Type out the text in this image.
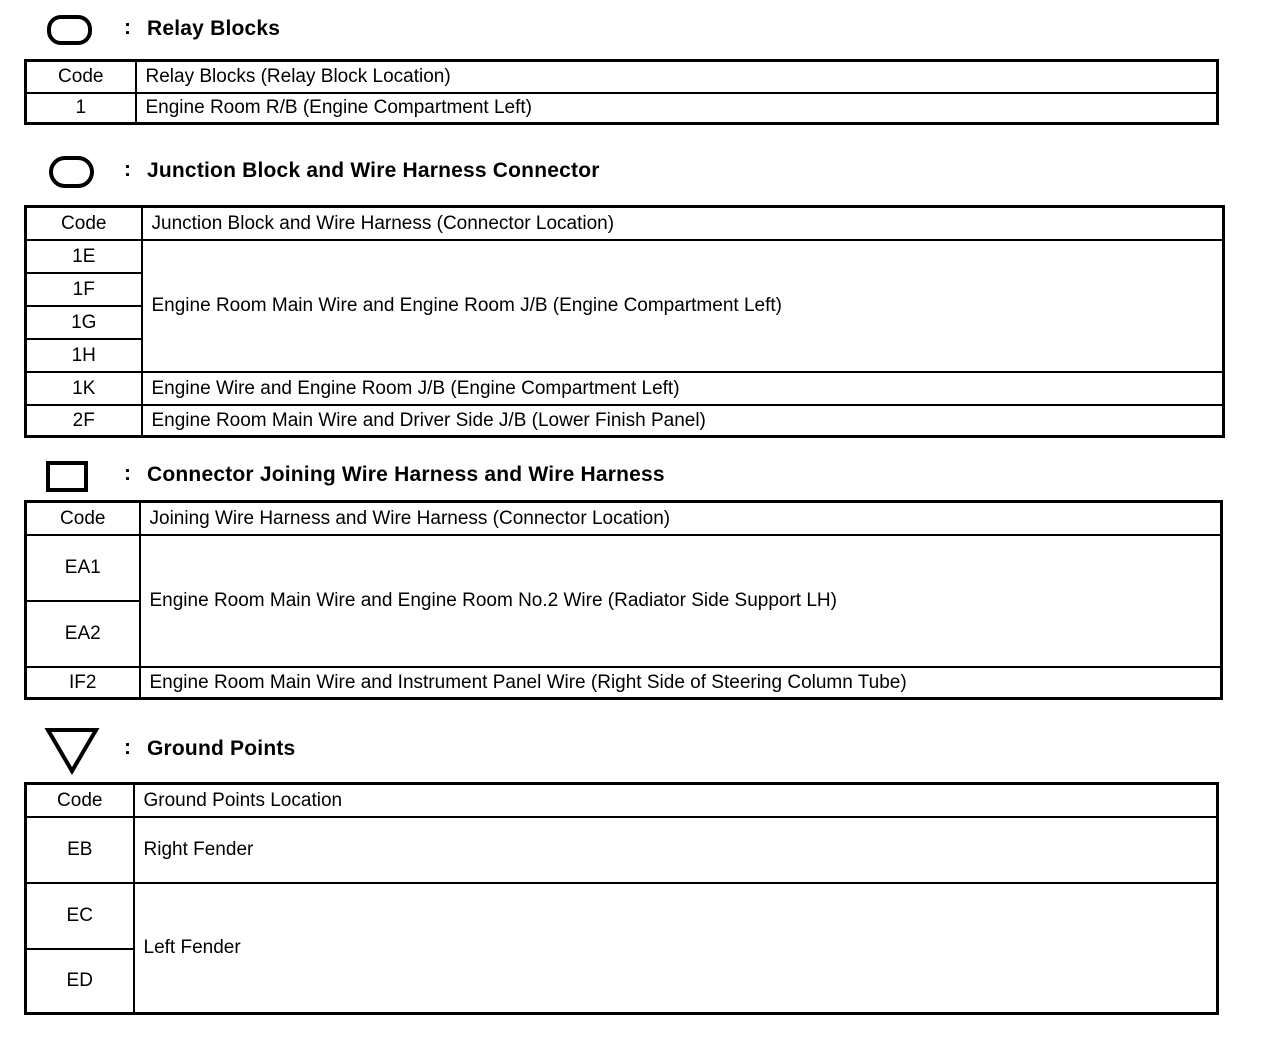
: Relay Blocks
Code	Relay Blocks (Relay Block Location)
1	Engine Room R/B (Engine Compartment Left)
: Junction Block and Wire Harness Connector
Code	Junction Block and Wire Harness (Connector Location)
1E	Engine Room Main Wire and Engine Room J/B (Engine Compartment Left)
1F	
1G	
1H	
1K	Engine Wire and Engine Room J/B (Engine Compartment Left)
2F	Engine Room Main Wire and Driver Side J/B (Lower Finish Panel)
: Connector Joining Wire Harness and Wire Harness
Code	Joining Wire Harness and Wire Harness (Connector Location)
EA1	Engine Room Main Wire and Engine Room No.2 Wire (Radiator Side Support LH)
EA2	
IF2	Engine Room Main Wire and Instrument Panel Wire (Right Side of Steering Column Tube)
: Ground Points
Code	Ground Points Location
EB	Right Fender
EC	Left Fender
ED	
